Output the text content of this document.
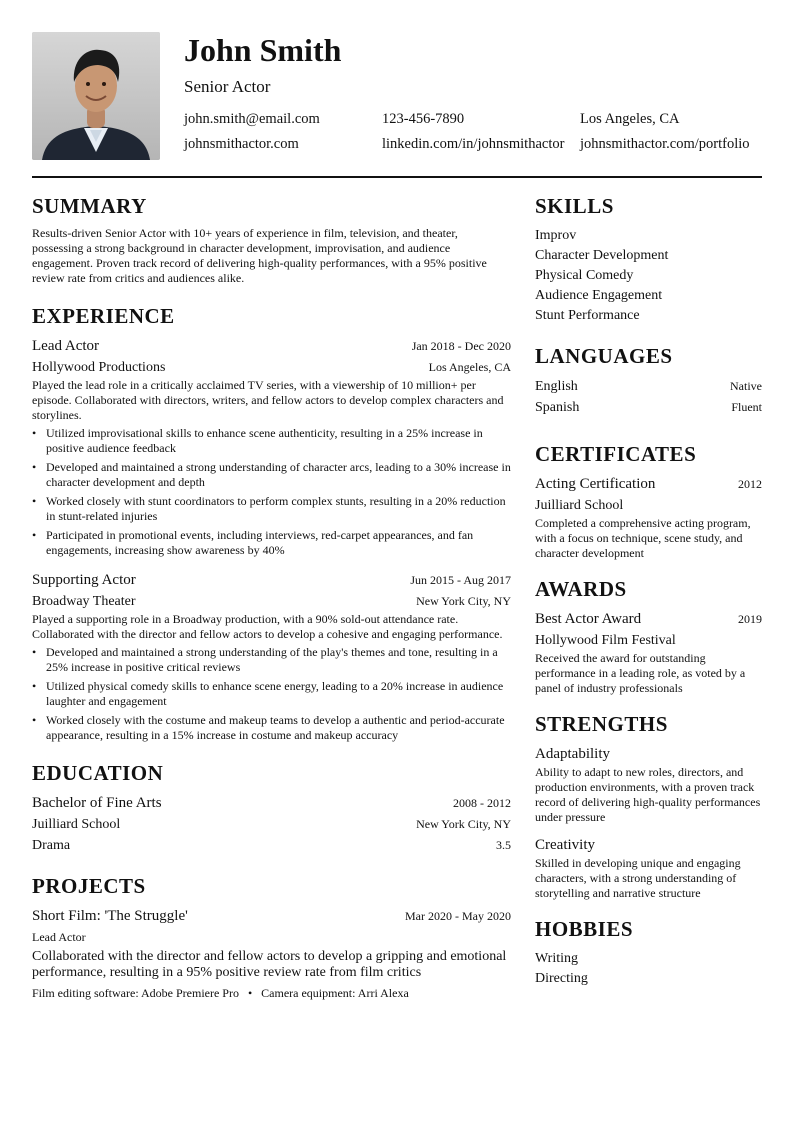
John Smith
Senior Actor
john.smith@email.com	123-456-7890	Los Angeles, CA
johnsmithactor.com	linkedin.com/in/johnsmithactor johnsmithactor.com/portfolio
SUMMARY

Results-driven Senior Actor with 10+ years of experience in film, television, and theater, possessing a strong background in character development, improvisation, and audience engagement. Proven track record of delivering high-quality performances, with a 95% positive review rate from critics and audiences alike.

EXPERIENCE
Lead Actor	Jan 2018 - Dec 2020
Hollywood Productions	Los Angeles, CA

Played the lead role in a critically acclaimed TV series, with a viewership of 10 million+ per episode. Collaborated with directors, writers, and fellow actors to develop complex characters and storylines.

• Utilized improvisational skills to enhance scene authenticity, resulting in a 25% increase in positive audience feedback
• Developed and maintained a strong understanding of character arcs, leading to a 30% increase in character development and depth
• Worked closely with stunt coordinators to perform complex stunts, resulting in a 20% reduction in stunt-related injuries
• Participated in promotional events, including interviews, red-carpet appearances, and fan engagements, increasing show awareness by 40%
Supporting Actor	Jun 2015 - Aug 2017
Broadway Theater	New York City, NY

Played a supporting role in a Broadway production, with a 90% sold-out attendance rate. Collaborated with the director and fellow actors to develop a cohesive and engaging performance.

• Developed and maintained a strong understanding of the play's themes and tone, resulting in a 25% increase in positive critical reviews
• Utilized physical comedy skills to enhance scene energy, leading to a 20% increase in audience laughter and engagement
• Worked closely with the costume and makeup teams to develop a authentic and period-accurate appearance, resulting in a 15% increase in costume and makeup accuracy
EDUCATION
Bachelor of Fine Arts	2008 - 2012
Juilliard School	New York City, NY
Drama	3.5
PROJECTS
Short Film: 'The Struggle'	Mar 2020 - May 2020
Lead Actor

Collaborated with the director and fellow actors to develop a gripping and emotional performance, resulting in a 95% positive review rate from film critics

Film editing software: Adobe Premiere Pro • Camera equipment: Arri Alexa
SKILLS
Improv
Character Development
Physical Comedy
Audience Engagement
Stunt Performance
LANGUAGES
English	Native
Spanish	Fluent
CERTIFICATES
Acting Certification	2012
Juilliard School

Completed a comprehensive acting program, with a focus on technique, scene study, and character development

AWARDS
Best Actor Award	2019
Hollywood Film Festival

Received the award for outstanding performance in a leading role, as voted by a panel of industry professionals

STRENGTHS
Adaptability

Ability to adapt to new roles, directors, and production environments, with a proven track record of delivering high-quality performances under pressure

Creativity

Skilled in developing unique and engaging characters, with a strong understanding of storytelling and narrative structure

HOBBIES
Writing
Directing
